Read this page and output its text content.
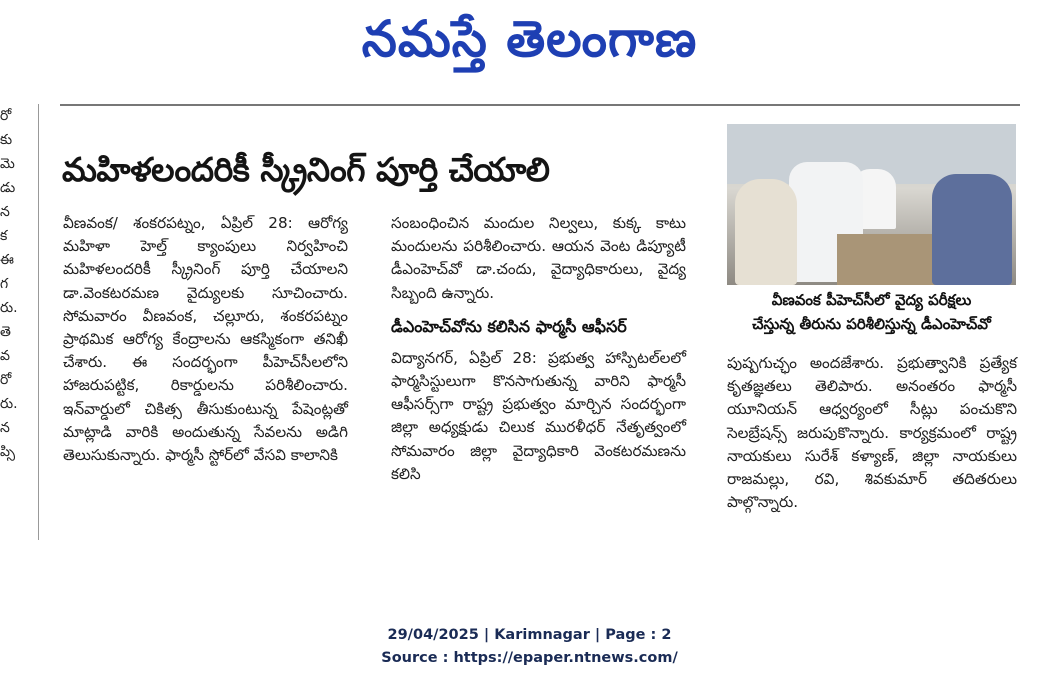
నమస్తే తెలంగాణ
రో
కు
మె
డు
న
క
ఈ
గ
రు.
తె
వ
రో
రు.
న
ప్సి
మహిళలందరికీ స్క్రీనింగ్ పూర్తి చేయాలి

వీణవంక/ శంకరపట్నం, ఏప్రిల్ 28: ఆరోగ్య మహిళా హెల్త్ క్యాంపులు నిర్వహించి మహిళలందరికీ స్క్రీనింగ్ పూర్తి చేయాలని డా.వెంకటరమణ వైద్యులకు సూచించారు. సోమవారం వీణవంక, చల్లూరు, శంకరపట్నం ప్రాథమిక ఆరోగ్య కేంద్రాలను ఆకస్మికంగా తనిఖీ చేశారు. ఈ సందర్భంగా పీహెచ్‌సీలలోని హాజరుపట్టిక, రికార్డులను పరిశీలించారు. ఇన్‌వార్డులో చికిత్స తీసుకుంటున్న పేషెంట్లతో మాట్లాడి వారికి అందుతున్న సేవలను అడిగి తెలుసుకున్నారు. ఫార్మసీ స్టోర్‌లో వేసవి కాలానికి

సంబంధించిన మందుల నిల్వలు, కుక్క కాటు మందులను పరిశీలించారు. ఆయన వెంట డిప్యూటీ డీఎంహెచ్‌వో డా.చందు, వైద్యాధికారులు, వైద్య సిబ్బంది ఉన్నారు.

డీఎంహెచ్‌వోను కలిసిన ఫార్మసీ ఆఫీసర్

విద్యానగర్, ఏప్రిల్ 28: ప్రభుత్వ హాస్పిటల్‌లలో ఫార్మసిస్టులుగా కొనసాగుతున్న వారిని ఫార్మసీ ఆఫీసర్స్‌గా రాష్ట్ర ప్రభుత్వం మార్చిన సందర్భంగా జిల్లా అధ్యక్షుడు చిలుక మురళీధర్ నేతృత్వంలో సోమవారం జిల్లా వైద్యాధికారి వెంకటరమణను కలిసి

వీణవంక పీహెచ్‌సీలో వైద్య పరీక్షలు
చేస్తున్న తీరును పరిశీలిస్తున్న డీఎంహెచ్‌వో

పుష్పగుచ్ఛం అందజేశారు. ప్రభుత్వానికి ప్రత్యేక కృతజ్ఞతలు తెలిపారు. అనంతరం ఫార్మసీ యూనియన్ ఆధ్వర్యంలో సీట్లు పంచుకొని సెలబ్రేషన్స్ జరుపుకొన్నారు. కార్యక్రమంలో రాష్ట్ర నాయకులు సురేశ్ కళ్యాణ్, జిల్లా నాయకులు రాజమల్లు, రవి, శివకుమార్ తదితరులు పాల్గొన్నారు.

29/04/2025 | Karimnagar | Page : 2
Source : https://epaper.ntnews.com/
